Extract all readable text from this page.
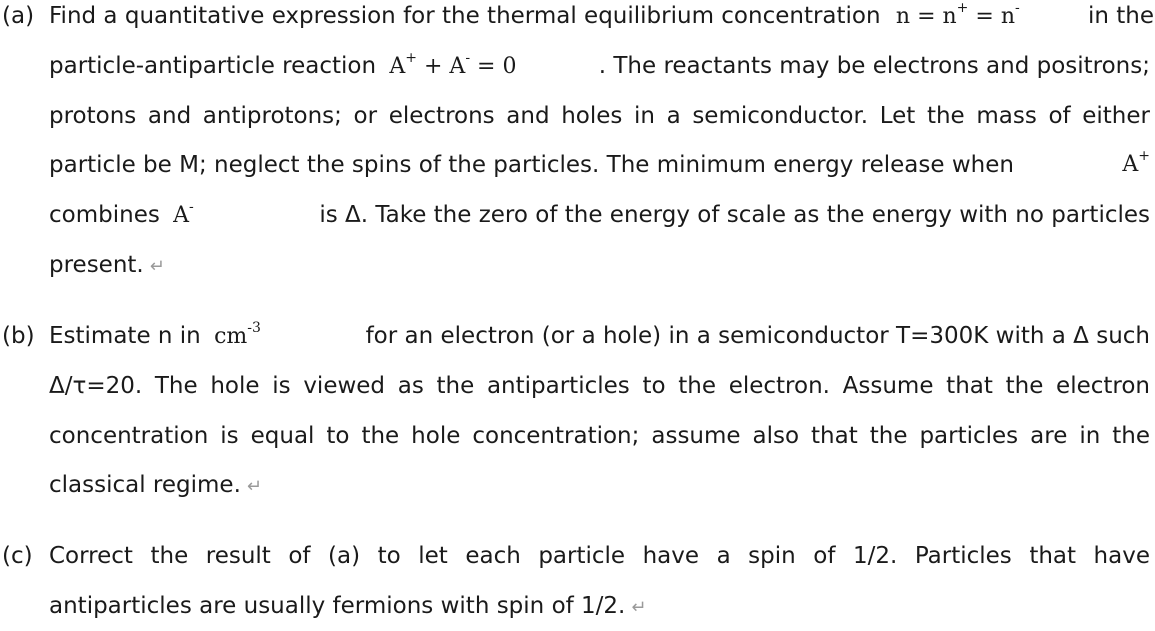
(a) Find a quantitative expression for the thermal equilibrium concentration n = n+ = n-	in the
particle-antiparticle reaction A+ + A- = 0	. The reactants may be electrons and positrons;
protons and antiprotons; or electrons and holes in a semiconductor. Let the mass of either
particle be M; neglect the spins of the particles. The minimum energy release when	A+
combines A-	is Δ. Take the zero of the energy of scale as the energy with no particles
present. ↵
(b) Estimate n in $cm^{-3}$	for an electron (or a hole) in a semiconductor T=300K with a Δ such
Δ/τ=20. The hole is viewed as the antiparticles to the electron. Assume that the electron
concentration is equal to the hole concentration; assume also that the particles are in the
classical regime. ↵
(c) Correct the result of (a) to let each particle have a spin of 1/2. Particles that have
antiparticles are usually fermions with spin of 1/2. ↵
